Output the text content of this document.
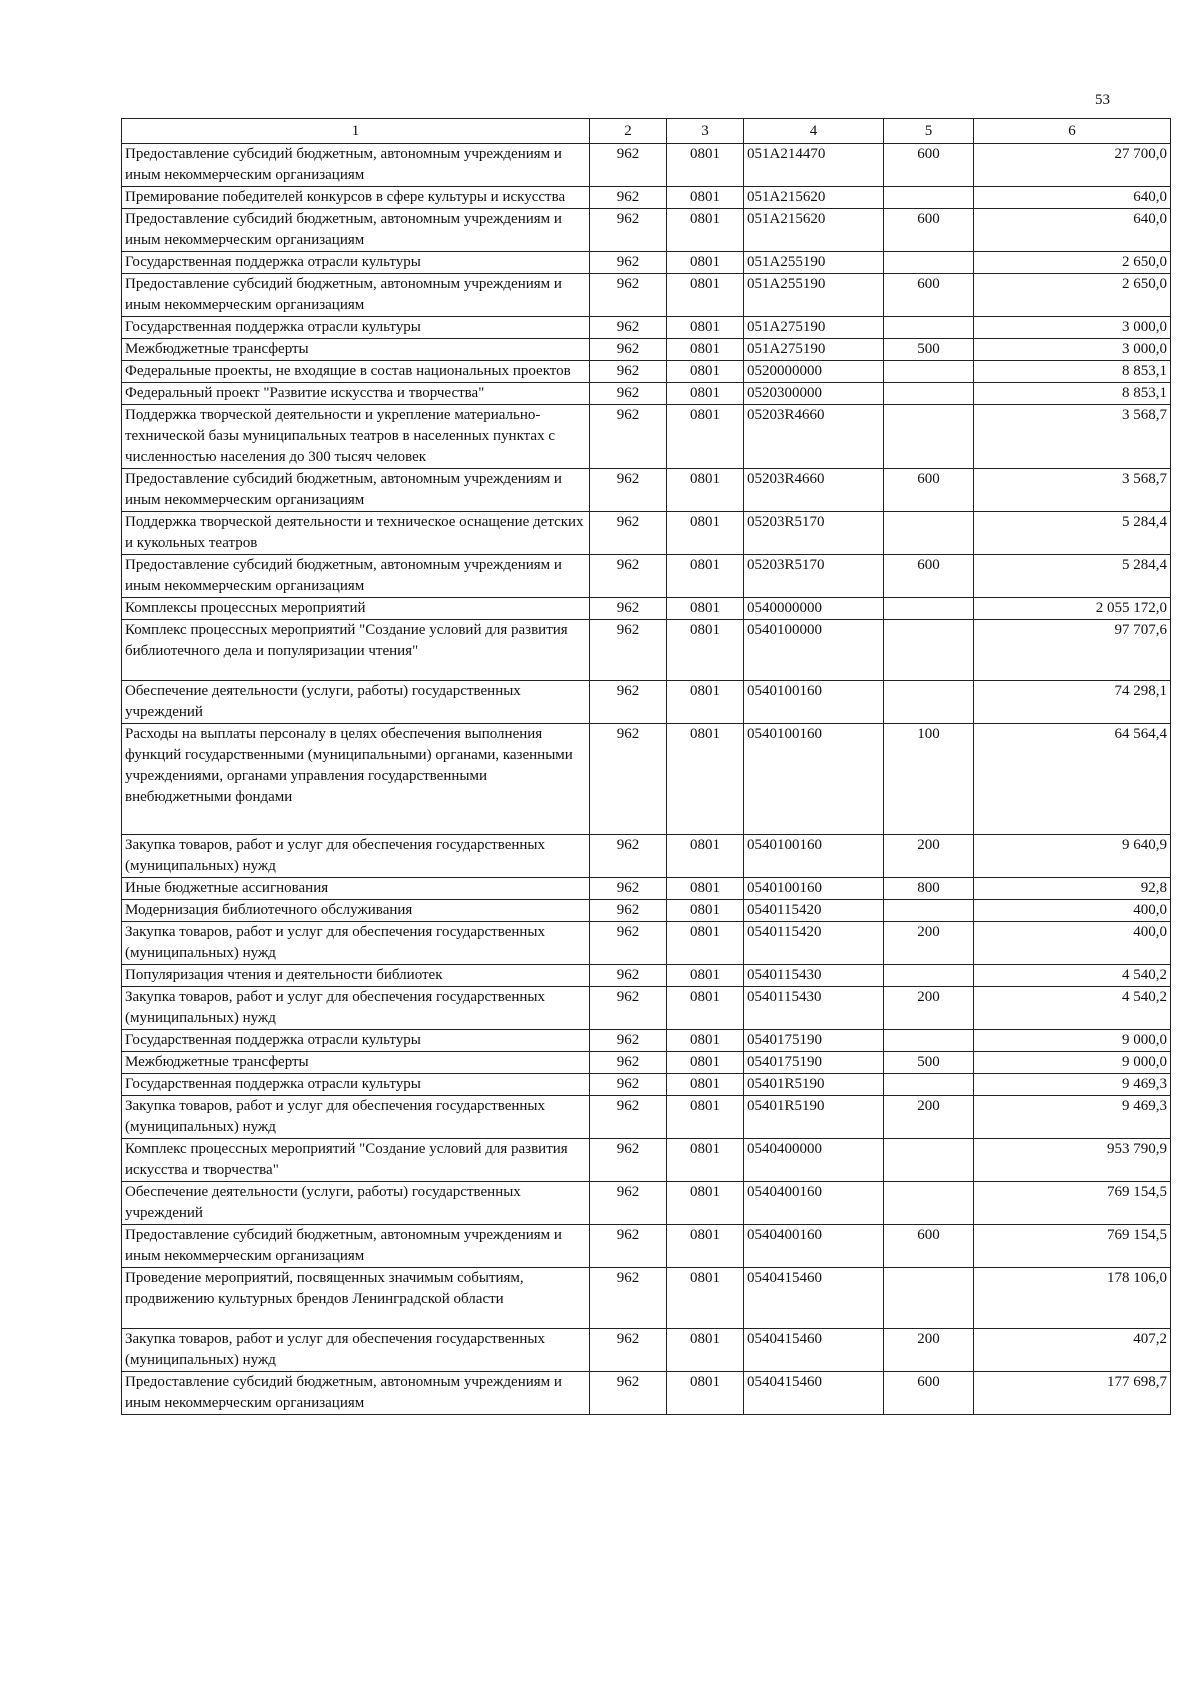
53
1	2	3	4	5	6
Предоставление субсидий бюджетным, автономным учреждениям и иным некоммерческим организациям	962	0801	051A214470	600	27 700,0
Премирование победителей конкурсов в сфере культуры и искусства	962	0801	051A215620		640,0
Предоставление субсидий бюджетным, автономным учреждениям и иным некоммерческим организациям	962	0801	051A215620	600	640,0
Государственная поддержка отрасли культуры	962	0801	051A255190		2 650,0
Предоставление субсидий бюджетным, автономным учреждениям и иным некоммерческим организациям	962	0801	051A255190	600	2 650,0
Государственная поддержка отрасли культуры	962	0801	051A275190		3 000,0
Межбюджетные трансферты	962	0801	051A275190	500	3 000,0
Федеральные проекты, не входящие в состав национальных проектов	962	0801	0520000000		8 853,1
Федеральный проект "Развитие искусства и творчества"	962	0801	0520300000		8 853,1
Поддержка творческой деятельности и укрепление материально-технической базы муниципальных театров в населенных пунктах с численностью населения до 300 тысяч человек	962	0801	05203R4660		3 568,7
Предоставление субсидий бюджетным, автономным учреждениям и иным некоммерческим организациям	962	0801	05203R4660	600	3 568,7
Поддержка творческой деятельности и техническое оснащение детских и кукольных театров	962	0801	05203R5170		5 284,4
Предоставление субсидий бюджетным, автономным учреждениям и иным некоммерческим организациям	962	0801	05203R5170	600	5 284,4
Комплексы процессных мероприятий	962	0801	0540000000		2 055 172,0
Комплекс процессных мероприятий "Создание условий для развития библиотечного дела и популяризации чтения"	962	0801	0540100000		97 707,6
Обеспечение деятельности (услуги, работы) государственных учреждений	962	0801	0540100160		74 298,1
Расходы на выплаты персоналу в целях обеспечения выполнения функций государственными (муниципальными) органами, казенными учреждениями, органами управления государственными внебюджетными фондами	962	0801	0540100160	100	64 564,4
Закупка товаров, работ и услуг для обеспечения государственных (муниципальных) нужд	962	0801	0540100160	200	9 640,9
Иные бюджетные ассигнования	962	0801	0540100160	800	92,8
Модернизация библиотечного обслуживания	962	0801	0540115420		400,0
Закупка товаров, работ и услуг для обеспечения государственных (муниципальных) нужд	962	0801	0540115420	200	400,0
Популяризация чтения и деятельности библиотек	962	0801	0540115430		4 540,2
Закупка товаров, работ и услуг для обеспечения государственных (муниципальных) нужд	962	0801	0540115430	200	4 540,2
Государственная поддержка отрасли культуры	962	0801	0540175190		9 000,0
Межбюджетные трансферты	962	0801	0540175190	500	9 000,0
Государственная поддержка отрасли культуры	962	0801	05401R5190		9 469,3
Закупка товаров, работ и услуг для обеспечения государственных (муниципальных) нужд	962	0801	05401R5190	200	9 469,3
Комплекс процессных мероприятий "Создание условий для развития искусства и творчества"	962	0801	0540400000		953 790,9
Обеспечение деятельности (услуги, работы) государственных учреждений	962	0801	0540400160		769 154,5
Предоставление субсидий бюджетным, автономным учреждениям и иным некоммерческим организациям	962	0801	0540400160	600	769 154,5
Проведение мероприятий, посвященных значимым событиям, продвижению культурных брендов Ленинградской области	962	0801	0540415460		178 106,0
Закупка товаров, работ и услуг для обеспечения государственных (муниципальных) нужд	962	0801	0540415460	200	407,2
Предоставление субсидий бюджетным, автономным учреждениям и иным некоммерческим организациям	962	0801	0540415460	600	177 698,7
